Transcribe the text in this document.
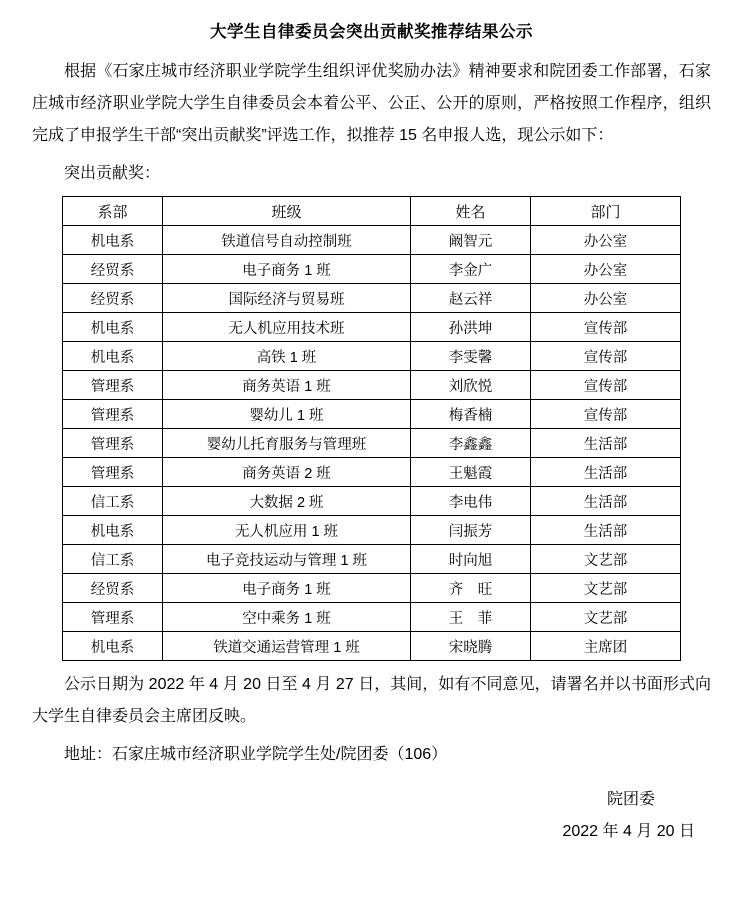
大学生自律委员会突出贡献奖推荐结果公示

根据《石家庄城市经济职业学院学生组织评优奖励办法》精神要求和院团委工作部署，石家庄城市经济职业学院大学生自律委员会本着公平、公正、公开的原则，严格按照工作程序，组织完成了申报学生干部“突出贡献奖”评选工作，拟推荐 15 名申报人选，现公示如下：

突出贡献奖：

系部	班级	姓名	部门
机电系	铁道信号自动控制班	阚智元	办公室
经贸系	电子商务 1 班	李金广	办公室
经贸系	国际经济与贸易班	赵云祥	办公室
机电系	无人机应用技术班	孙洪坤	宣传部
机电系	高铁 1 班	李雯馨	宣传部
管理系	商务英语 1 班	刘欣悦	宣传部
管理系	婴幼儿 1 班	梅香楠	宣传部
管理系	婴幼儿托育服务与管理班	李鑫鑫	生活部
管理系	商务英语 2 班	王魁霞	生活部
信工系	大数据 2 班	李电伟	生活部
机电系	无人机应用 1 班	闫振芳	生活部
信工系	电子竞技运动与管理 1 班	时向旭	文艺部
经贸系	电子商务 1 班	齐　旺	文艺部
管理系	空中乘务 1 班	王　菲	文艺部
机电系	铁道交通运营管理 1 班	宋晓腾	主席团

公示日期为 2022 年 4 月 20 日至 4 月 27 日，其间，如有不同意见，请署名并以书面形式向大学生自律委员会主席团反映。

地址：石家庄城市经济职业学院学生处/院团委（106）

院团委
2022 年 4 月 20 日
